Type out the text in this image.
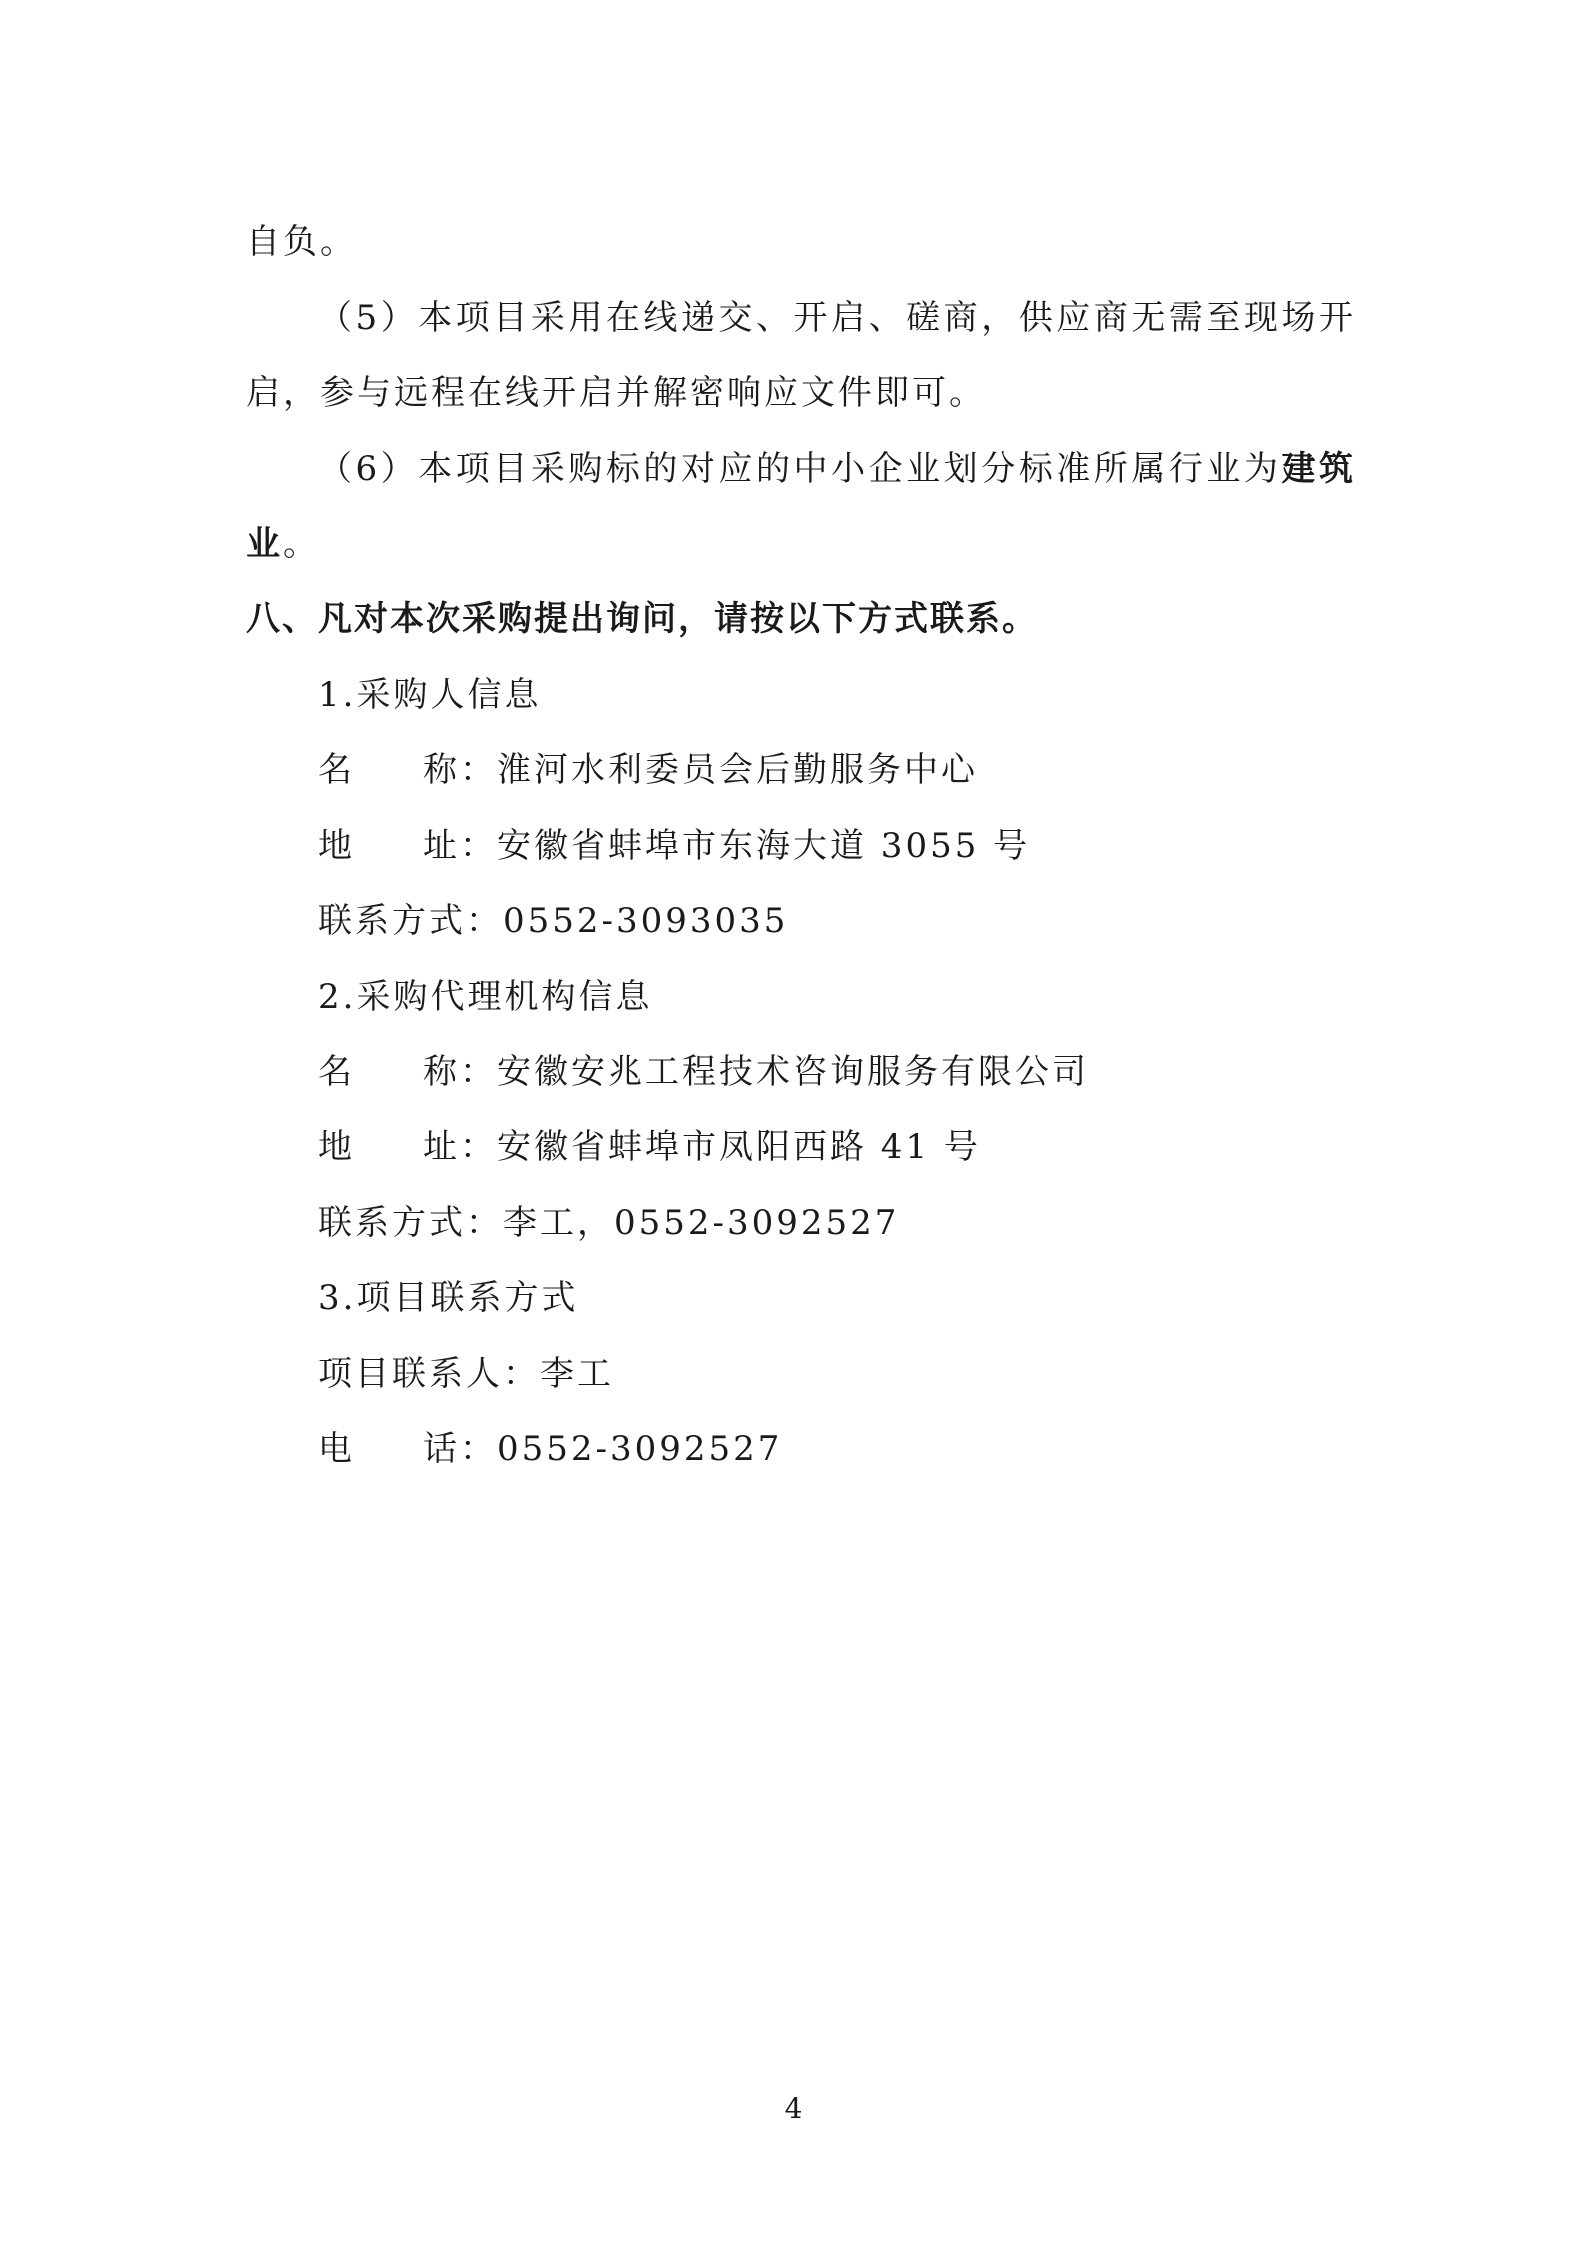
自负。

（5）本项目采用在线递交、开启、磋商，供应商无需至现场开

启，参与远程在线开启并解密响应文件即可。

（6）本项目采购标的对应的中小企业划分标准所属行业为建筑

业。

八、凡对本次采购提出询问，请按以下方式联系。

1.采购人信息

名 称：淮河水利委员会后勤服务中心

地 址：安徽省蚌埠市东海大道 3055 号

联系方式：0552-3093035

2.采购代理机构信息

名 称：安徽安兆工程技术咨询服务有限公司

地 址：安徽省蚌埠市凤阳西路 41 号

联系方式：李工，0552-3092527

3.项目联系方式

项目联系人：李工

电 话：0552-3092527

4
